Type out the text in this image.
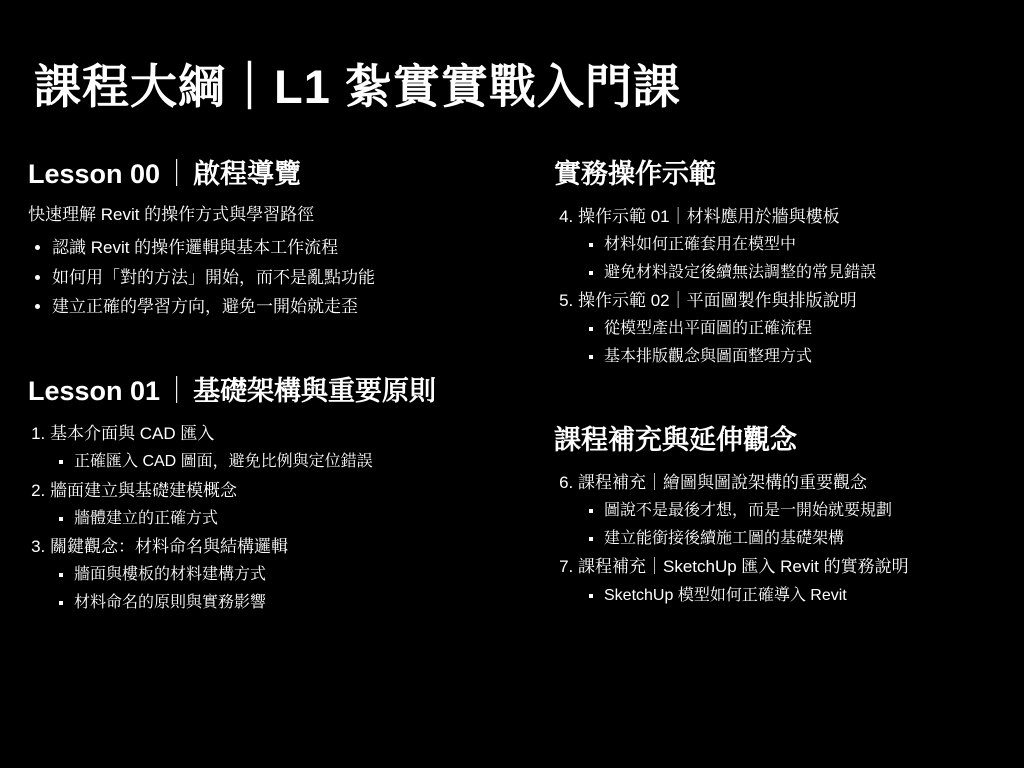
課程大綱｜L1 紮實實戰入門課
Lesson 00 ｜ 啟程導覽

快速理解 Revit 的操作方式與學習路徑

• 認識 Revit 的操作邏輯與基本工作流程
• 如何用「對的方法」開始，而不是亂點功能
• 建立正確的學習方向，避免一開始就走歪
Lesson 01 ｜ 基礎架構與重要原則
1. 基本介面與 CAD 匯入
▪ 正確匯入 CAD 圖面，避免比例與定位錯誤
2. 牆面建立與基礎建模概念
▪ 牆體建立的正確方式
3. 關鍵觀念：材料命名與結構邏輯
▪ 牆面與樓板的材料建構方式
▪ 材料命名的原則與實務影響
實務操作示範
4. 操作示範 01｜材料應用於牆與樓板
▪ 材料如何正確套用在模型中
▪ 避免材料設定後續無法調整的常見錯誤
5. 操作示範 02｜平面圖製作與排版說明
▪ 從模型產出平面圖的正確流程
▪ 基本排版觀念與圖面整理方式
課程補充與延伸觀念
6. 課程補充｜繪圖與圖說架構的重要觀念
▪ 圖說不是最後才想，而是一開始就要規劃
▪ 建立能銜接後續施工圖的基礎架構
7. 課程補充｜SketchUp 匯入 Revit 的實務說明
▪ SketchUp 模型如何正確導入 Revit
